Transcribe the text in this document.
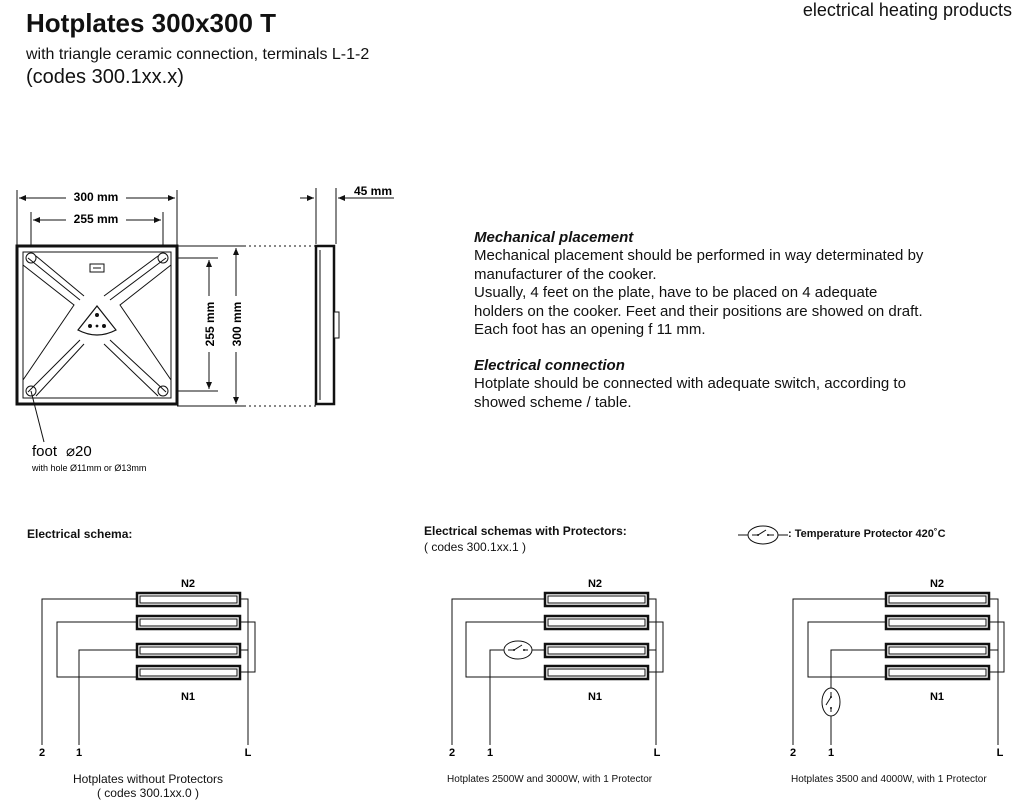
Hotplates 300x300 T
with triangle ceramic connection, terminals L-1-2
(codes 300.1xx.x)
electrical heating products
300 mm
255 mm
255 mm 300 mm
45 mm
foot ⌀20
with hole Ø11mm or Ø13mm
N2
N1
2	1	L
N2
N1
2	1	L
N2
N1
2	1	L
Mechanical placement
Mechanical placement should be performed in way determinated by
manufacturer of the cooker.
Usually, 4 feet on the plate, have to be placed on 4 adequate
holders on the cooker. Feet and their positions are showed on draft.
Each foot has an opening f 11 mm.
Electrical connection
Hotplate should be connected with adequate switch, according to
showed scheme / table.
Electrical schema:	Electrical schemas with Protectors:
( codes 300.1xx.1 )
: Temperature Protector 420˚C
Hotplates without Protectors
( codes 300.1xx.0 )
Hotplates 2500W and 3000W, with 1 Protector	Hotplates 3500 and 4000W, with 1 Protector
